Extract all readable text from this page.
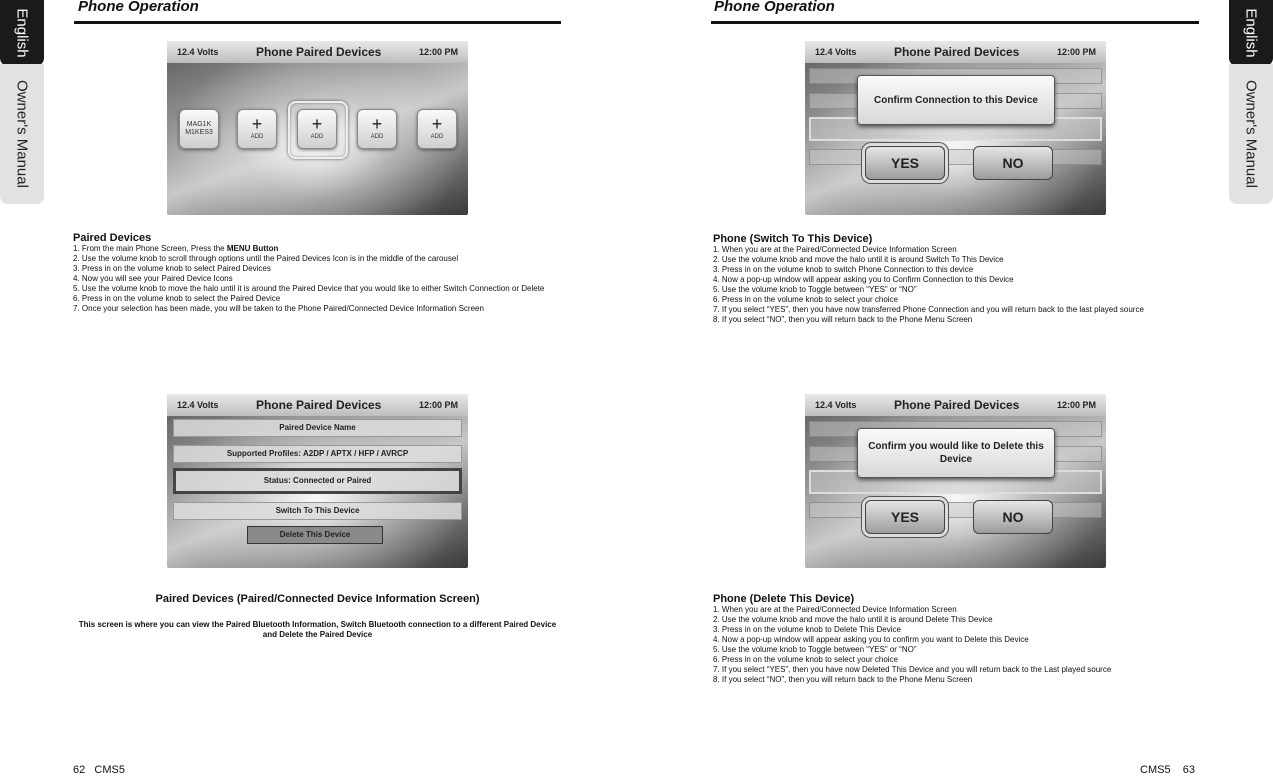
English
Owner's Manual
English
Owner's Manual
Phone Operation
12.4 Volts	Phone Paired Devices	12:00 PM
MAG1K M1KES3	+
ADD
+
ADD
+
ADD
+
ADD
Paired Devices
1. From the main Phone Screen, Press the MENU Button
2. Use the volume knob to scroll through options until the Paired Devices Icon is in the middle of the carousel
3. Press in on the volume knob to select Paired Devices
4. Now you will see your Paired Device Icons
5. Use the volume knob to move the halo until it is around the Paired Device that you would like to either Switch Connection or Delete
6. Press in on the volume knob to select the Paired Device
7. Once your selection has been made, you will be taken to the Phone Paired/Connected Device Information Screen
12.4 Volts	Phone Paired Devices	12:00 PM
Paired Device Name
Supported Profiles: A2DP / APTX / HFP / AVRCP
Status: Connected or Paired
Switch To This Device
Delete This Device
Paired Devices (Paired/Connected Device Information Screen)
This screen is where you can view the Paired Bluetooth Information, Switch Bluetooth connection to a different Paired Device and Delete the Paired Device
62 CMS5
Phone Operation
12.4 Volts	Phone Paired Devices	12:00 PM
Confirm Connection to this Device
YES	NO
Phone (Switch To This Device)
1. When you are at the Paired/Connected Device Information Screen
2. Use the volume knob and move the halo until it is around Switch To This Device
3. Press in on the volume knob to switch Phone Connection to this device
4. Now a pop-up window will appear asking you to Confirm Connection to this Device
5. Use the volume knob to Toggle between “YES” or “NO”
6. Press in on the volume knob to select your choice
7. If you select “YES”, then you have now transferred Phone Connection and you will return back to the last played source
8. If you select “NO”, then you will return back to the Phone Menu Screen
12.4 Volts	Phone Paired Devices	12:00 PM
Confirm you would like to Delete this Device
YES	NO
Phone (Delete This Device)
1. When you are at the Paired/Connected Device Information Screen
2. Use the volume knob and move the halo until it is around Delete This Device
3. Press in on the volume knob to Delete This Device
4. Now a pop-up window will appear asking you to confirm you want to Delete this Device
5. Use the volume knob to Toggle between “YES” or “NO”
6. Press in on the volume knob to select your choice
7. If you select “YES”, then you have now Deleted This Device and you will return back to the Last played source
8. If you select “NO”, then you will return back to the Phone Menu Screen
CMS5 63
